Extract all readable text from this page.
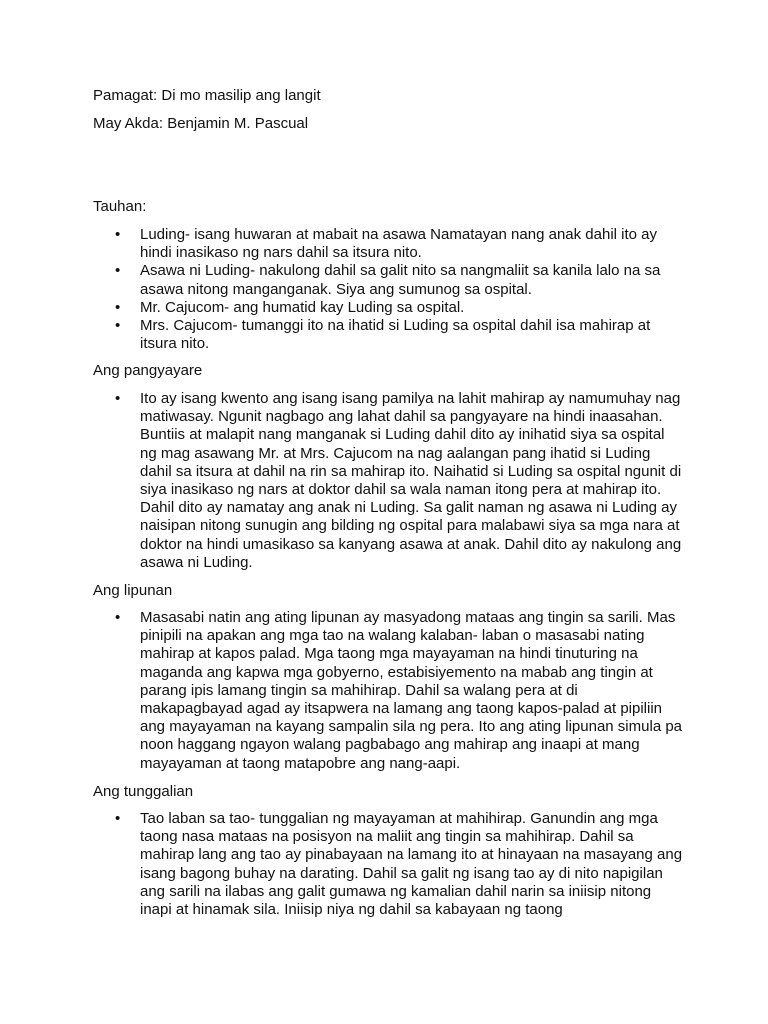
Pamagat: Di mo masilip ang langit

May Akda: Benjamin M. Pascual

Tauhan:

• Luding- isang huwaran at mabait na asawa Namatayan nang anak dahil ito ay hindi inasikaso ng nars dahil sa itsura nito.
• Asawa ni Luding- nakulong dahil sa galit nito sa nangmaliit sa kanila lalo na sa asawa nitong manganganak. Siya ang sumunog sa ospital.
• Mr. Cajucom- ang humatid kay Luding sa ospital.
• Mrs. Cajucom- tumanggi ito na ihatid si Luding sa ospital dahil isa mahirap at itsura nito.

Ang pangyayare

• Ito ay isang kwento ang isang isang pamilya na lahit mahirap ay namumuhay nag matiwasay. Ngunit nagbago ang lahat dahil sa pangyayare na hindi inaasahan. Buntiis at malapit nang manganak si Luding dahil dito ay inihatid siya sa ospital ng mag asawang Mr. at Mrs. Cajucom na nag aalangan pang ihatid si Luding dahil sa itsura at dahil na rin sa mahirap ito. Naihatid si Luding sa ospital ngunit di siya inasikaso ng nars at doktor dahil sa wala naman itong pera at mahirap ito. Dahil dito ay namatay ang anak ni Luding. Sa galit naman ng asawa ni Luding ay naisipan nitong sunugin ang bilding ng ospital para malabawi siya sa mga nara at doktor na hindi umasikaso sa kanyang asawa at anak. Dahil dito ay nakulong ang asawa ni Luding.

Ang lipunan

• Masasabi natin ang ating lipunan ay masyadong mataas ang tingin sa sarili. Mas pinipili na apakan ang mga tao na walang kalaban- laban o masasabi nating mahirap at kapos palad. Mga taong mga mayayaman na hindi tinuturing na maganda ang kapwa mga gobyerno, estabisiyemento na mabab ang tingin at parang ipis lamang tingin sa mahihirap. Dahil sa walang pera at di makapagbayad agad ay itsapwera na lamang ang taong kapos-palad at pipiliin ang mayayaman na kayang sampalin sila ng pera. Ito ang ating lipunan simula pa noon haggang ngayon walang pagbabago ang mahirap ang inaapi at mang mayayaman at taong matapobre ang nang-aapi.

Ang tunggalian

• Tao laban sa tao- tunggalian ng mayayaman at mahihirap. Ganundin ang mga taong nasa mataas na posisyon na maliit ang tingin sa mahihirap. Dahil sa mahirap lang ang tao ay pinabayaan na lamang ito at hinayaan na masayang ang isang bagong buhay na darating. Dahil sa galit ng isang tao ay di nito napigilan ang sarili na ilabas ang galit gumawa ng kamalian dahil narin sa iniisip nitong inapi at hinamak sila. Iniisip niya ng dahil sa kabayaan ng taong
